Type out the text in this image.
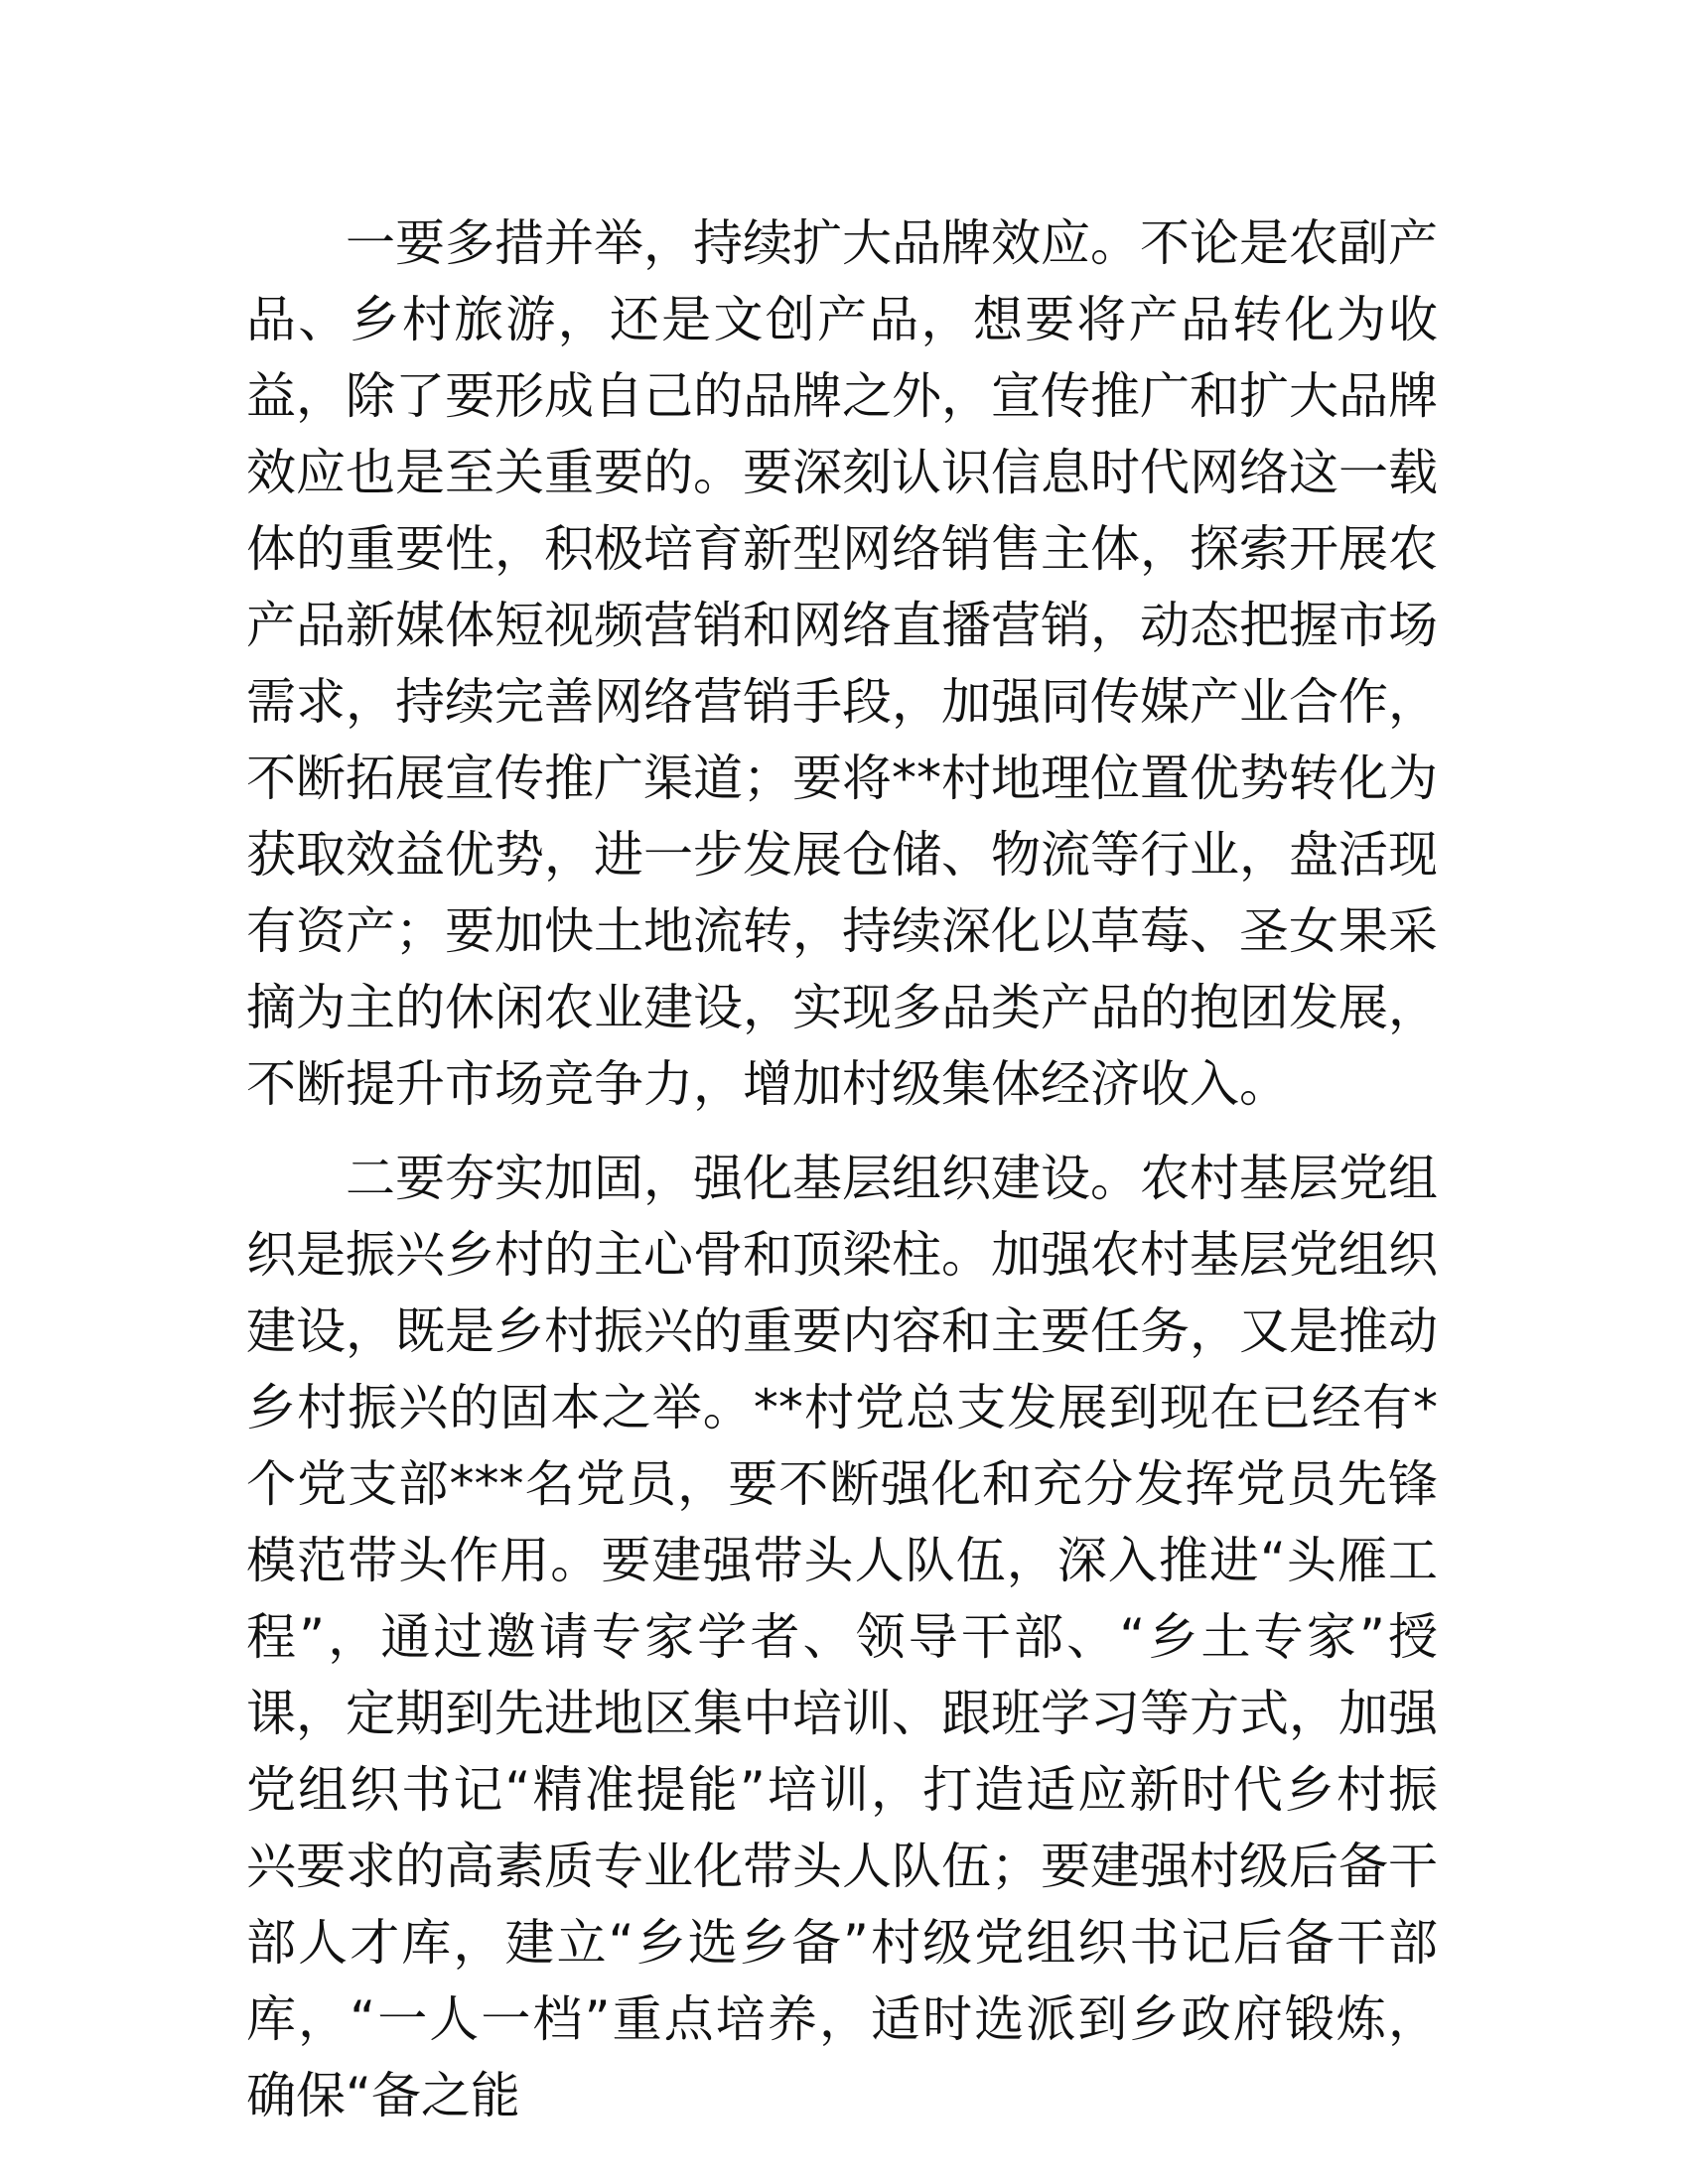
一要多措并举，持续扩大品牌效应。不论是农副产品、乡村旅游，还是文创产品，想要将产品转化为收益，除了要形成自己的品牌之外，宣传推广和扩大品牌效应也是至关重要的。要深刻认识信息时代网络这一载体的重要性，积极培育新型网络销售主体，探索开展农产品新媒体短视频营销和网络直播营销，动态把握市场需求，持续完善网络营销手段，加强同传媒产业合作，不断拓展宣传推广渠道；要将**村地理位置优势转化为获取效益优势，进一步发展仓储、物流等行业，盘活现有资产；要加快土地流转，持续深化以草莓、圣女果采摘为主的休闲农业建设，实现多品类产品的抱团发展，不断提升市场竞争力，增加村级集体经济收入。

二要夯实加固，强化基层组织建设。农村基层党组织是振兴乡村的主心骨和顶梁柱。加强农村基层党组织建设，既是乡村振兴的重要内容和主要任务，又是推动乡村振兴的固本之举。**村党总支发展到现在已经有*个党支部***名党员，要不断强化和充分发挥党员先锋模范带头作用。要建强带头人队伍，深入推进“头雁工程”，通过邀请专家学者、领导干部、“乡土专家”授课，定期到先进地区集中培训、跟班学习等方式，加强党组织书记“精准提能”培训，打造适应新时代乡村振兴要求的高素质专业化带头人队伍；要建强村级后备干部人才库，建立“乡选乡备”村级党组织书记后备干部库，“一人一档”重点培养，适时选派到乡政府锻炼，确保“备之能
